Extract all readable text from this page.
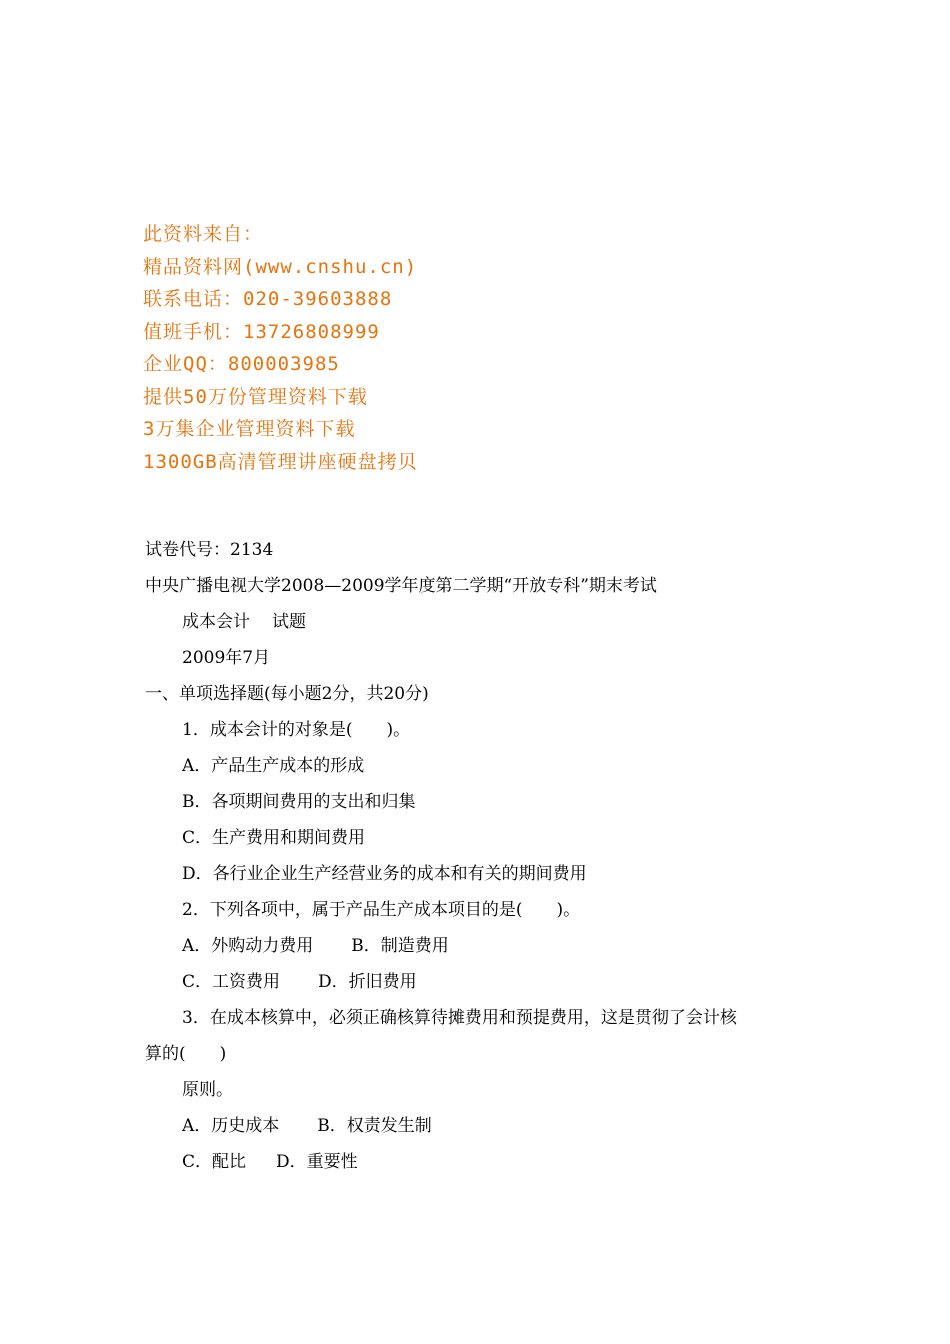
此资料来自：
精品资料网(www.cnshu.cn)
联系电话：020-39603888
值班手机：13726808999
企业QQ：800003985
提供50万份管理资料下载
3万集企业管理资料下载
1300GB高清管理讲座硬盘拷贝
试卷代号：2134
中央广播电视大学2008—2009学年度第二学期“开放专科”期末考试
成本会计 试题
2009年7月
一、单项选择题(每小题2分，共20分)
1．成本会计的对象是(　　)。
A．产品生产成本的形成
B．各项期间费用的支出和归集
C．生产费用和期间费用
D．各行业企业生产经营业务的成本和有关的期间费用
2．下列各项中，属于产品生产成本项目的是(　　)。
A．外购动力费用 B．制造费用
C．工资费用 D．折旧费用
3．在成本核算中，必须正确核算待摊费用和预提费用，这是贯彻了会计核
算的(　　)
原则。
A．历史成本 B．权责发生制
C．配比 D．重要性
